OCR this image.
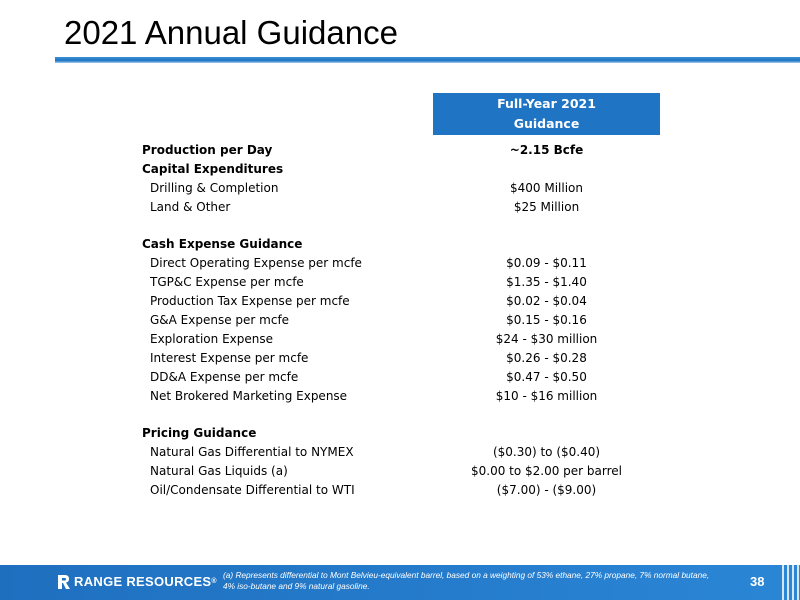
2021 Annual Guidance
Full-Year 2021
Guidance
Production per Day	~2.15 Bcfe
Capital Expenditures
Drilling & Completion	$400 Million
Land & Other	$25 Million
Cash Expense Guidance
Direct Operating Expense per mcfe	$0.09 - $0.11
TGP&C Expense per mcfe	$1.35 - $1.40
Production Tax Expense per mcfe	$0.02 - $0.04
G&A Expense per mcfe	$0.15 - $0.16
Exploration Expense	$24 - $30 million
Interest Expense per mcfe	$0.26 - $0.28
DD&A Expense per mcfe	$0.47 - $0.50
Net Brokered Marketing Expense	$10 - $16 million
Pricing Guidance
Natural Gas Differential to NYMEX	($0.30) to ($0.40)
Natural Gas Liquids (a)	$0.00 to $2.00 per barrel
Oil/Condensate Differential to WTI	($7.00) - ($9.00)
RANGE RESOURCES ®
(a) Represents differential to Mont Belvieu-equivalent barrel, based on a weighting of 53% ethane, 27% propane, 7% normal butane, 4% iso-butane and 9% natural gasoline.	38
